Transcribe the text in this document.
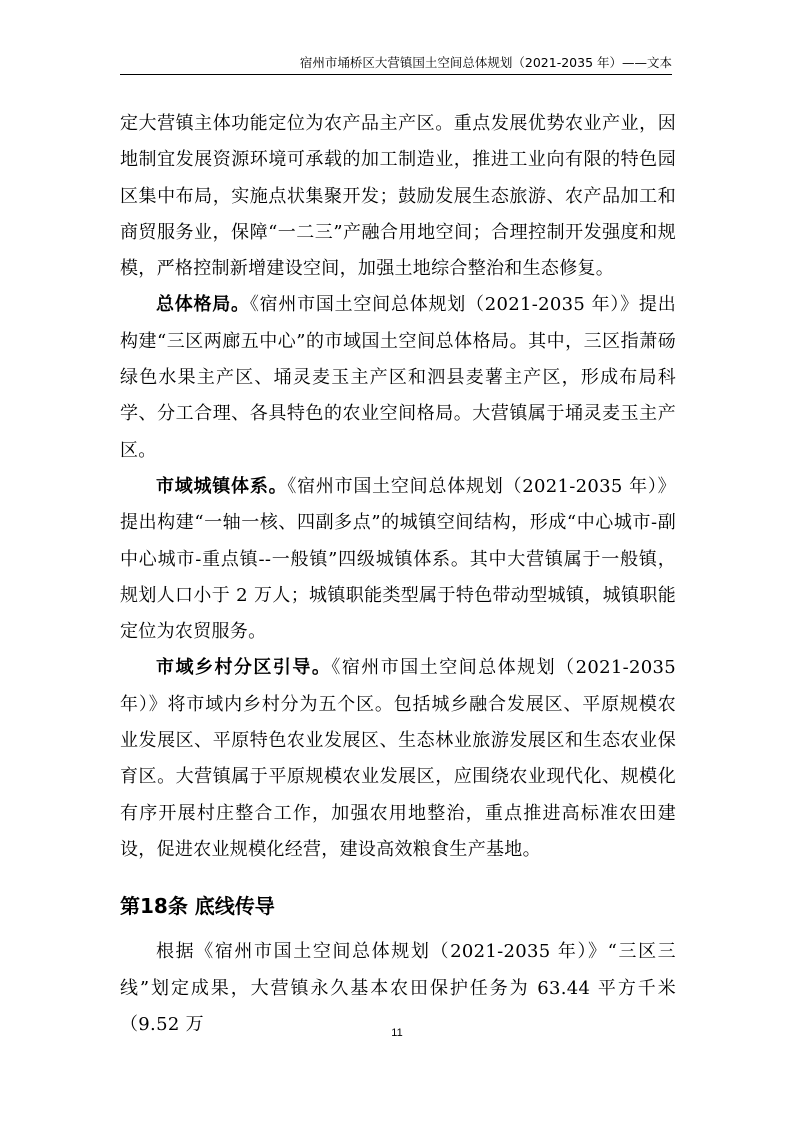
宿州市埇桥区大营镇国土空间总体规划（2021-2035 年）——文本

定大营镇主体功能定位为农产品主产区。重点发展优势农业产业，因地制宜发展资源环境可承载的加工制造业，推进工业向有限的特色园区集中布局，实施点状集聚开发；鼓励发展生态旅游、农产品加工和商贸服务业，保障“一二三”产融合用地空间；合理控制开发强度和规模，严格控制新增建设空间，加强土地综合整治和生态修复。

总体格局。《宿州市国土空间总体规划（2021-2035 年）》提出构建“三区两廊五中心”的市域国土空间总体格局。其中，三区指萧砀绿色水果主产区、埇灵麦玉主产区和泗县麦薯主产区，形成布局科学、分工合理、各具特色的农业空间格局。大营镇属于埇灵麦玉主产区。

市域城镇体系。《宿州市国土空间总体规划（2021-2035 年）》提出构建“一轴一核、四副多点”的城镇空间结构，形成“中心城市-副中心城市-重点镇--一般镇”四级城镇体系。其中大营镇属于一般镇，规划人口小于 2 万人；城镇职能类型属于特色带动型城镇，城镇职能定位为农贸服务。

市域乡村分区引导。《宿州市国土空间总体规划（2021-2035 年）》将市域内乡村分为五个区。包括城乡融合发展区、平原规模农业发展区、平原特色农业发展区、生态林业旅游发展区和生态农业保育区。大营镇属于平原规模农业发展区，应围绕农业现代化、规模化有序开展村庄整合工作，加强农用地整治，重点推进高标准农田建设，促进农业规模化经营，建设高效粮食生产基地。

第18条 底线传导

根据《宿州市国土空间总体规划（2021-2035 年）》“三区三线”划定成果，大营镇永久基本农田保护任务为 63.44 平方千米（9.52 万	11
